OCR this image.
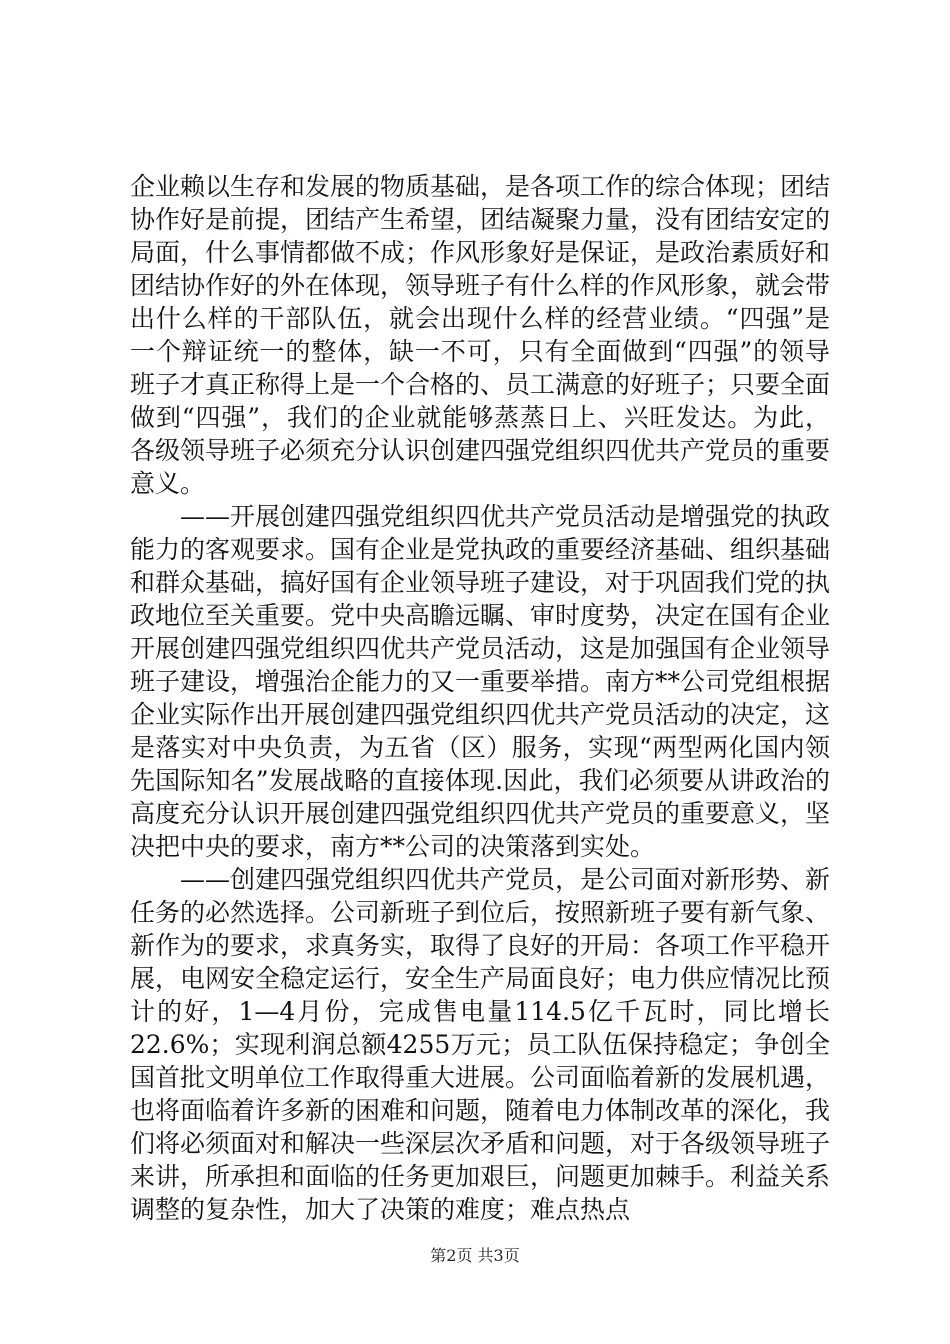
企业赖以生存和发展的物质基础，是各项工作的综合体现；团结协作好是前提，团结产生希望，团结凝聚力量，没有团结安定的局面，什么事情都做不成；作风形象好是保证，是政治素质好和团结协作好的外在体现，领导班子有什么样的作风形象，就会带出什么样的干部队伍，就会出现什么样的经营业绩。“四强”是一个辩证统一的整体，缺一不可，只有全面做到“四强”的领导班子才真正称得上是一个合格的、员工满意的好班子；只要全面做到“四强”，我们的企业就能够蒸蒸日上、兴旺发达。为此，各级领导班子必须充分认识创建四强党组织四优共产党员的重要意义。

——开展创建四强党组织四优共产党员活动是增强党的执政能力的客观要求。国有企业是党执政的重要经济基础、组织基础和群众基础，搞好国有企业领导班子建设，对于巩固我们党的执政地位至关重要。党中央高瞻远瞩、审时度势，决定在国有企业开展创建四强党组织四优共产党员活动，这是加强国有企业领导班子建设，增强治企能力的又一重要举措。南方**公司党组根据企业实际作出开展创建四强党组织四优共产党员活动的决定，这是落实对中央负责，为五省（区）服务，实现“两型两化国内领先国际知名”发展战略的直接体现.因此，我们必须要从讲政治的高度充分认识开展创建四强党组织四优共产党员的重要意义，坚决把中央的要求，南方**公司的决策落到实处。

——创建四强党组织四优共产党员，是公司面对新形势、新任务的必然选择。公司新班子到位后，按照新班子要有新气象、新作为的要求，求真务实，取得了良好的开局：各项工作平稳开展，电网安全稳定运行，安全生产局面良好；电力供应情况比预计的好，1—4月份，完成售电量114.5亿千瓦时，同比增长22.6%；实现利润总额4255万元；员工队伍保持稳定；争创全国首批文明单位工作取得重大进展。公司面临着新的发展机遇，也将面临着许多新的困难和问题，随着电力体制改革的深化，我们将必须面对和解决一些深层次矛盾和问题，对于各级领导班子来讲，所承担和面临的任务更加艰巨，问题更加棘手。利益关系调整的复杂性，加大了决策的难度；难点热点

第2页 共3页
